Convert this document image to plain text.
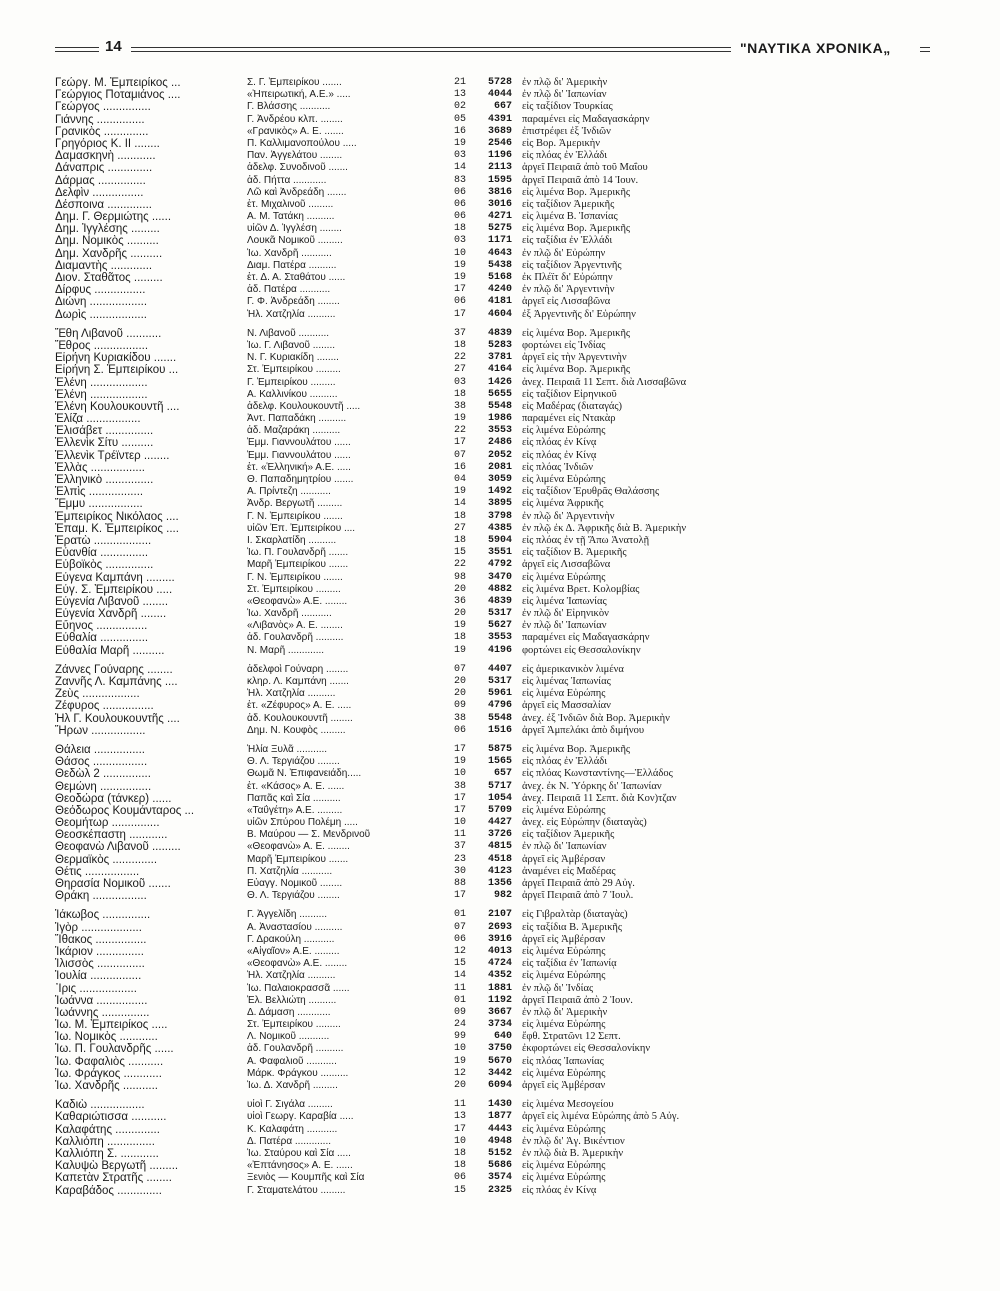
14	"ΝΑΥΤΙΚΑ ΧΡΟΝΙΚΑ„
Γεώργ. Μ. Ἐμπειρίκος ...	Σ. Γ. Ἐμπειρίκου .......	21	5728 ἐν πλῷ δι' Ἀμερικὴν
Γεώργιος Ποταμιάνος ....	«Ἠπειρωτική, Α.Ε.» .....	13	4044 ἐν πλῷ δι' Ἰαπωνίαν
Γεώργος ...............	Γ. Βλάσσης ...........	02	667 εἰς ταξίδιον Τουρκίας
Γιάννης ...............	Γ. Ἀνδρέου κλπ. ........	05	4391 παραμένει εἰς Μαδαγασκάρην
Γρανικὸς ..............	«Γρανικὸς» Α. Ε. .......	16	3689 ἐπιστρέφει ἐξ Ἰνδιῶν
Γρηγόριος Κ. ΙΙ ........	Π. Καλλιμανοπούλου .....	19	2546 εἰς Βορ. Ἀμερικὴν
Δαμασκηνὴ ............	Παν. Ἀγγελάτου ........	03	1196 εἰς πλόας ἐν Ἑλλάδι
Δάναπρις ..............	ἀδελφ. Συνοδινοῦ .......	14	2113 ἀργεῖ Πειραιᾶ ἀπὸ τοῦ Μαΐου
Δάρμας ...............	ἀδ. Πήττα ............	83	1595 ἀργεῖ Πειραιᾶ ἀπὸ 14 Ἰουν.
Δελφὶν ................	Λῶ καὶ Ἀνδρεάδη .......	06	3816 εἰς λιμένα Βορ. Ἀμερικῆς
Δέσποινα ..............	ἐτ. Μιχαλινοῦ .........	06	3016 εἰς ταξίδιον Ἀμερικῆς
Δημ. Γ. Θερμιώτης ......	Α. Μ. Τατάκη ..........	06	4271 εἰς λιμένα Β. Ἰσπανίας
Δημ. Ἰγγλέσης .........	υἱῶν Δ. Ἰγγλέση ........	18	5275 εἰς λιμένα Βορ. Ἀμερικῆς
Δημ. Νομικὸς ..........	Λουκᾶ Νομικοῦ .........	03	1171 εἰς ταξίδια ἐν Ἑλλάδι
Δημ. Χανδρῆς ..........	Ἰω. Χανδρῆ ...........	10	4643 ἐν πλῷ δι' Εὐρώπην
Διαμαντὴς .............	Διαμ. Πατέρα ..........	19	5438 εἰς ταξίδιον Ἀργεντινῆς
Διον. Σταθᾶτος .........	ἐτ. Δ. Α. Σταθάτου ......	19	5168 ἐκ Πλέϊτ δι' Εὐρώπην
Δίρφυς ................	ἀδ. Πατέρα ...........	17	4240 ἐν πλῷ δι' Ἀργεντινὴν
Διώνη ..................	Γ. Φ. Ἀνδρεάδη ........	06	4181 ἀργεῖ εἰς Λισσαβῶνα
Δωρὶς ..................	Ἠλ. Χατζηλία ..........	17	4604 ἐξ Ἀργεντινῆς δι' Εὐρώπην
Ἔθη Λιβανοῦ ...........	Ν. Λιβανοῦ ...........	37	4839 εἰς λιμένα Βορ. Ἀμερικῆς
Ἔθρος .................	Ἰω. Γ. Λιβανοῦ ........	18	5283 φορτώνει εἰς Ἰνδίας
Εἰρήνη Κυριακίδου .......	Ν. Γ. Κυριακίδη ........	22	3781 ἀργεῖ εἰς τὴν Ἀργεντινὴν
Εἰρήνη Σ. Ἐμπειρίκου ...	Στ. Ἐμπειρίκου .........	27	4164 εἰς λιμένα Βορ. Ἀμερικῆς
Ἑλένη ..................	Γ. Ἐμπειρίκου .........	03	1426 ἀνεχ. Πειραιᾶ 11 Σεπτ. διὰ Λισσαβῶνα
Ἑλένη ..................	Α. Καλλινίκου ..........	18	5655 εἰς ταξίδιον Εἰρηνικοῦ
Ἑλένη Κουλουκουντῆ ....	ἀδελφ. Κουλουκουντῆ .....	38	5548 εἰς Μαδέρας (διαταγάς)
Ἑλίζα .................	Ἀντ. Παπαδάκη ..........	19	1986 παραμένει εἰς Ντακὰρ
Ἑλισάβετ ...............	ἀδ. Μαζαράκη ..........	22	3553 εἰς λιμένα Εὐρώπης
Ἑλλενὶκ Σίτυ ..........	Ἐμμ. Γιαννουλάτου ......	17	2486 εἰς πλόας ἐν Κίνᾳ
Ἑλλενὶκ Τρέϊντερ ........	Ἐμμ. Γιαννουλάτου ......	07	2052 εἰς πλόας ἐν Κίνᾳ
Ἑλλὰς .................	ἐτ. «Ἑλληνική» Α.Ε. .....	16	2081 εἰς πλόας Ἰνδιῶν
Ἑλληνικὸ ...............	Θ. Παπαδημητρίου .......	04	3059 εἰς λιμένα Εὐρώπης
Ἑλπὶς .................	Α. Πρίντεζη ...........	19	1492 εἰς ταξίδιον Ἐρυθρᾶς Θαλάσσης
Ἔμμυ .................	Ἀνδρ. Βεργωτῆ .........	14	3895 εἰς λιμένα Ἀφρικῆς
Ἐμπειρίκος Νικόλαος ....	Γ. Ν. Ἐμπειρίκου .......	18	3798 ἐν πλῷ δι' Ἀργεντινὴν
Ἐπαμ. Κ. Ἐμπειρίκος ....	υἱῶν Ἐπ. Ἐμπειρίκου ....	27	4385 ἐν πλῷ ἐκ Δ. Ἀφρικῆς διὰ Β. Ἀμερικὴν
Ἐρατὼ ..................	Ι. Σκαρλατίδη ..........	18	5904 εἰς πλόας ἐν τῇ Ἄπω Ἀνατολῇ
Εὐανθία ...............	Ἰω. Π. Γουλανδρῆ .......	15	3551 εἰς ταξίδιον Β. Ἀμερικῆς
Εὐβοϊκὸς ...............	Μαρῆ Ἐμπειρίκου .......	22	4792 ἀργεῖ εἰς Λισσαβῶνα
Εὐγενα Καμπάνη .........	Γ. Ν. Ἐμπειρίκου .......	98	3470 εἰς λιμένα Εὐρώπης
Εὐγ. Σ. Ἐμπειρίκου .....	Στ. Ἐμπειρίκου .........	20	4882 εἰς λιμένα Βρετ. Κολομβίας
Εὐγενία Λιβανοῦ ........	«Θεοφανὼ» Α.Ε. ........	36	4839 εἰς λιμένα Ἰαπωνίας
Εὐγενία Χανδρῆ ........	Ἰω. Χανδρῆ ...........	20	5317 ἐν πλῷ δι' Εἰρηνικὸν
Εὔηνος ................	«Λιβανὸς» Α. Ε. ........	19	5627 ἐν πλῷ δι' Ἰαπωνίαν
Εὐθαλία ...............	ἀδ. Γουλανδρῆ ..........	18	3553 παραμένει εἰς Μαδαγασκάρην
Εὐθαλία Μαρῆ ..........	Ν. Μαρῆ .............	19	4196 φορτώνει εἰς Θεσσαλονίκην
Ζάννες Γούναρης ........	ἀδελφοὶ Γούναρη ........	07	4407 εἰς ἀμερικανικὸν λιμένα
Ζαννῆς Λ. Καμπάνης ....	κληρ. Λ. Καμπάνη .......	20	5317 εἰς λιμένας Ἰαπωνίας
Ζεὺς ..................	Ἠλ. Χατζηλία ..........	20	5961 εἰς λιμένα Εὐρώπης
Ζέφυρος ................	ἐτ. «Ζέφυρος» Α. Ε. .....	09	4796 ἀργεῖ εἰς Μασσαλίαν
Ἠλ Γ. Κουλουκουντῆς ....	ἀδ. Κουλουκουντῆ ........	38	5548 ἀνεχ. ἐξ Ἰνδιῶν διὰ Βορ. Ἀμερικὴν
Ἥρων .................	Δημ. Ν. Κουφὸς .........	06	1516 ἀργεῖ Ἀμπελάκι ἀπὸ διμήνου
Θάλεια ................	Ἠλία Ξυλᾶ ...........	17	5875 εἰς λιμένα Βορ. Ἀμερικῆς
Θάσος .................	Θ. Λ. Τεργιάζου ........	19	1565 εἰς πλόας ἐν Ἑλλάδι
Θεδὼλ 2 ...............	Θωμᾶ Ν. Ἐπιφανειάδη.....	10	657 εἰς πλόας Κωνσταντίνης—Ἑλλάδος
Θεμώνη ................	ἐτ. «Κάσος» Α. Ε. ......	38	5717 ἀνεχ. ἐκ Ν. Ὑόρκης δι' Ἰαπωνίαν
Θεοδώρα (τάνκερ) ......	Παπᾶς καὶ Σία ..........	17	1054 ἀνεχ. Πειραιᾶ 11 Σεπτ. διὰ Κον)τζαν
Θεόδωρος Κουμάνταρος ...	«Ταΰγέτη» Α.Ε. .........	17	5709 εἰς λιμένα Εὐρώπης
Θεομήτωρ ...............	υἱῶν Σπύρου Πολέμη .....	10	4427 ἀνεχ. εἰς Εὐρώπην (διαταγὰς)
Θεοσκέπαστη ............	Β. Μαύρου — Σ. Μενδρινοῦ	11	3726 εἰς ταξίδιον Ἀμερικῆς
Θεοφανὼ Λιβανοῦ .........	«Θεοφανὼ» Α. Ε. ........	37	4815 ἐν πλῷ δι' Ἰαπωνίαν
Θερμαϊκὸς ..............	Μαρῆ Ἐμπειρίκου .......	23	4518 ἀργεῖ εἰς Ἀμβέρσαν
Θέτις .................	Π. Χατζηλία ...........	30	4123 ἀναμένει εἰς Μαδέρας
Θηρασία Νομικοῦ .......	Εὐαγγ. Νομικοῦ ........	88	1356 ἀργεῖ Πειραιᾶ ἀπὸ 29 Αὐγ.
Θράκη .................	Θ. Λ. Τεργιάζου ........	17	982 ἀργεῖ Πειραιᾶ ἀπὸ 7 Ἰουλ.
Ἰάκωβος ...............	Γ. Ἀγγελίδη ..........	01	2107 εἰς Γιβραλτὰρ (διαταγὰς)
Ἰγὸρ ...................	Α. Ἀναστασίου ..........	07	2693 εἰς ταξίδια Β. Ἀμερικῆς
Ἴθακος ................	Γ. Δρακούλη ...........	06	3916 ἀργεῖ εἰς Ἀμβέρσαν
Ἰκάριον ...............	«Αἰγαῖον» Α.Ε. .........	12	4013 εἰς λιμένα Εὐρώπης
Ἰλισσὸς ...............	«Θεοφανὼ» Α.Ε. ........	15	4724 εἰς ταξίδια ἐν Ἰαπωνίᾳ
Ἰουλία ................	Ἠλ. Χατζηλία ..........	14	4352 εἰς λιμένα Εὐρώπης
Ἶρις ..................	Ἰω. Παλαιοκρασσᾶ ......	11	1881 ἐν πλῷ δι' Ἰνδίας
Ἰωάννα ................	Ἐλ. Βελλιώτη ..........	01	1192 ἀργεῖ Πειραιᾶ ἀπὸ 2 Ἰουν.
Ἰωάννης ...............	Δ. Δάμαση ............	09	3667 ἐν πλῷ δι' Ἀμερικὴν
Ἰω. Μ. Ἐμπειρίκος .....	Στ. Ἐμπειρίκου .........	24	3734 εἰς λιμένα Εὐρώπης
Ἰω. Νομικὸς ............	Λ. Νομικοῦ ...........	99	640 ἔφθ. Στρατῶνι 12 Σεπτ.
Ἰω. Π. Γουλανδρῆς ......	ἀδ. Γουλανδρῆ ..........	10	3750 ἐκφορτώνει εἰς Θεσσαλονίκην
Ἰω. Φαφαλιὸς ...........	Α. Φαφαλιοῦ ...........	19	5670 εἰς πλόας Ἰαπωνίας
Ἰω. Φράγκος ............	Μάρκ. Φράγκου ..........	12	3442 εἰς λιμένα Εὐρώπης
Ἰω. Χανδρῆς ...........	Ἰω. Δ. Χανδρῆ .........	20	6094 ἀργεῖ εἰς Ἀμβέρσαν
Καδιὼ .................	υἱοὶ Γ. Σιγάλα .........	11	1430 εἰς λιμένα Μεσογείου
Καθαριώτισσα ...........	υἱοὶ Γεωργ. Καραβία .....	13	1877 ἀργεῖ εἰς λιμένα Εὐρώπης ἀπὸ 5 Αὐγ.
Καλαφάτης ..............	Κ. Καλαφάτη ...........	17	4443 εἰς λιμένα Εὐρώπης
Καλλιόπη ...............	Δ. Πατέρα .............	10	4948 ἐν πλῷ δι' Ἀγ. Βικέντιον
Καλλιόπη Σ. ............	Ἰω. Σταύρου καὶ Σία .....	18	5152 ἐν πλῷ διὰ Β. Ἀμερικὴν
Καλυψὼ Βεργωτῆ .........	«Ἐπτάνησος» Α. Ε. ......	18	5686 εἰς λιμένα Εὐρώπης
Καπετὰν Στρατῆς ........	Ξενιὸς — Κουμπῆς καὶ Σία	06	3574 εἰς λιμένα Εὐρώπης
Καραβάδος ..............	Γ. Σταματελάτου .........	15	2325 εἰς πλόας ἐν Κίνᾳ
